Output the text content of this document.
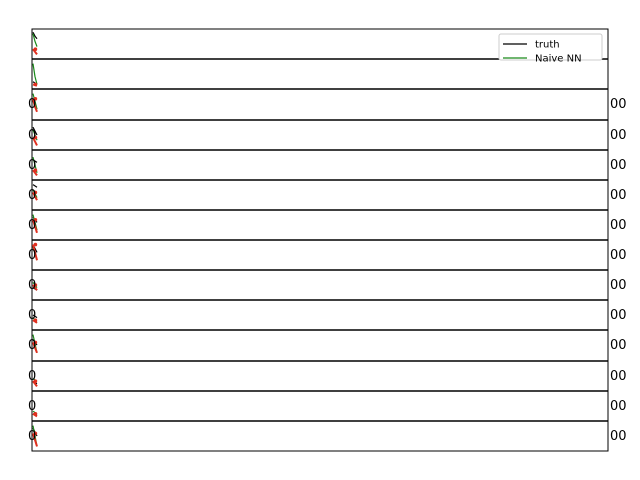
0	00
0	00
0	00
0	00
0	00
0	00
0	00
0	00
0	00
0	00
0	00
0	00
truth
Naive NN
